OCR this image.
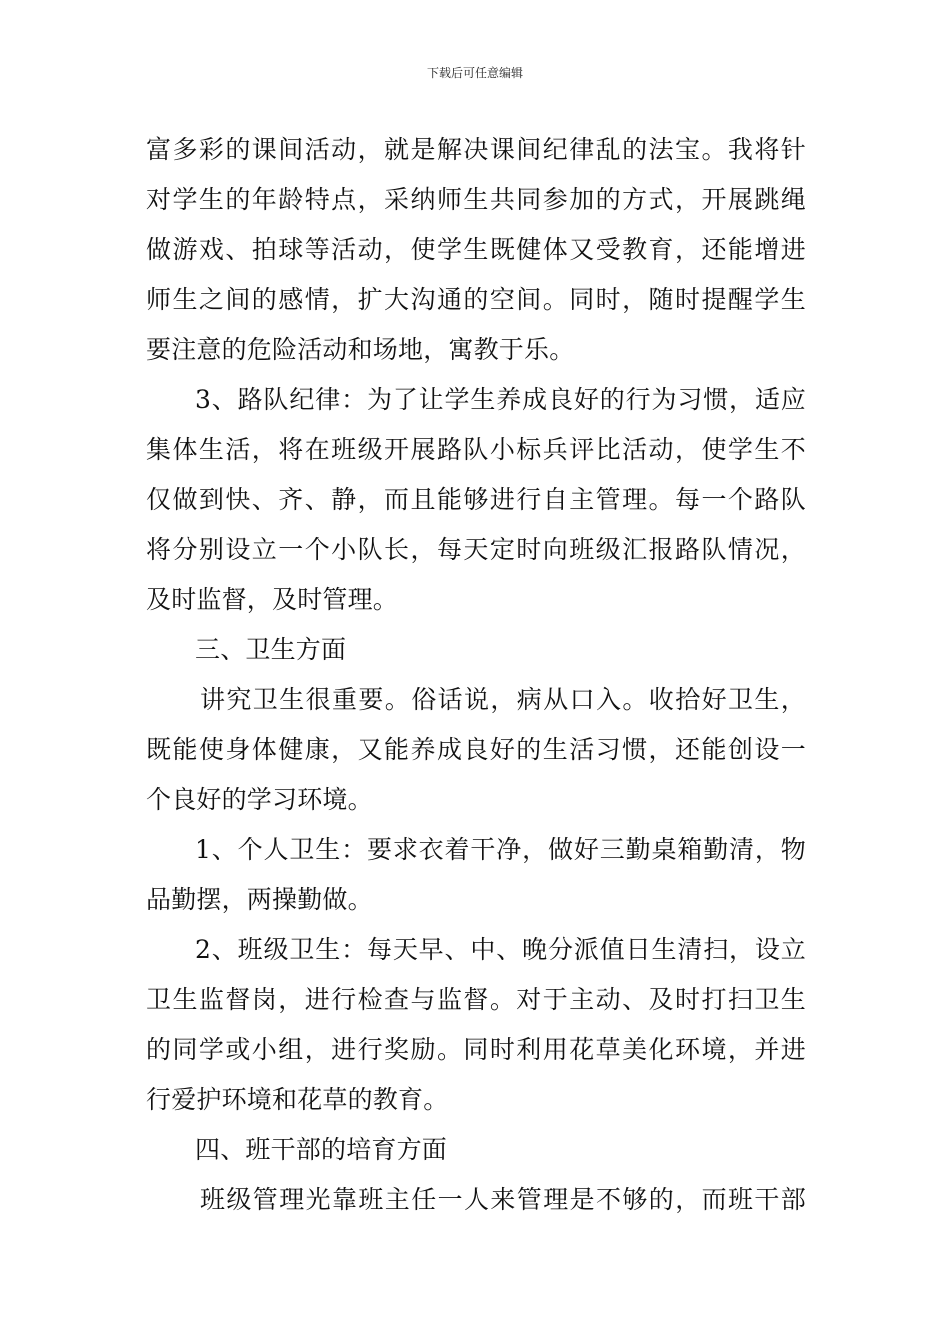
下载后可任意编辑
富多彩的课间活动，就是解决课间纪律乱的法宝。我将针
对学生的年龄特点，采纳师生共同参加的方式，开展跳绳
做游戏、拍球等活动，使学生既健体又受教育，还能增进
师生之间的感情，扩大沟通的空间。同时，随时提醒学生
要注意的危险活动和场地，寓教于乐。
3、路队纪律：为了让学生养成良好的行为习惯，适应
集体生活，将在班级开展路队小标兵评比活动，使学生不
仅做到快、齐、静，而且能够进行自主管理。每一个路队
将分别设立一个小队长，每天定时向班级汇报路队情况，
及时监督，及时管理。
三、卫生方面
讲究卫生很重要。俗话说，病从口入。收拾好卫生，
既能使身体健康，又能养成良好的生活习惯，还能创设一
个良好的学习环境。
1、个人卫生：要求衣着干净，做好三勤桌箱勤清，物
品勤摆，两操勤做。
2、班级卫生：每天早、中、晚分派值日生清扫，设立
卫生监督岗，进行检查与监督。对于主动、及时打扫卫生
的同学或小组，进行奖励。同时利用花草美化环境，并进
行爱护环境和花草的教育。
四、班干部的培育方面
班级管理光靠班主任一人来管理是不够的，而班干部
